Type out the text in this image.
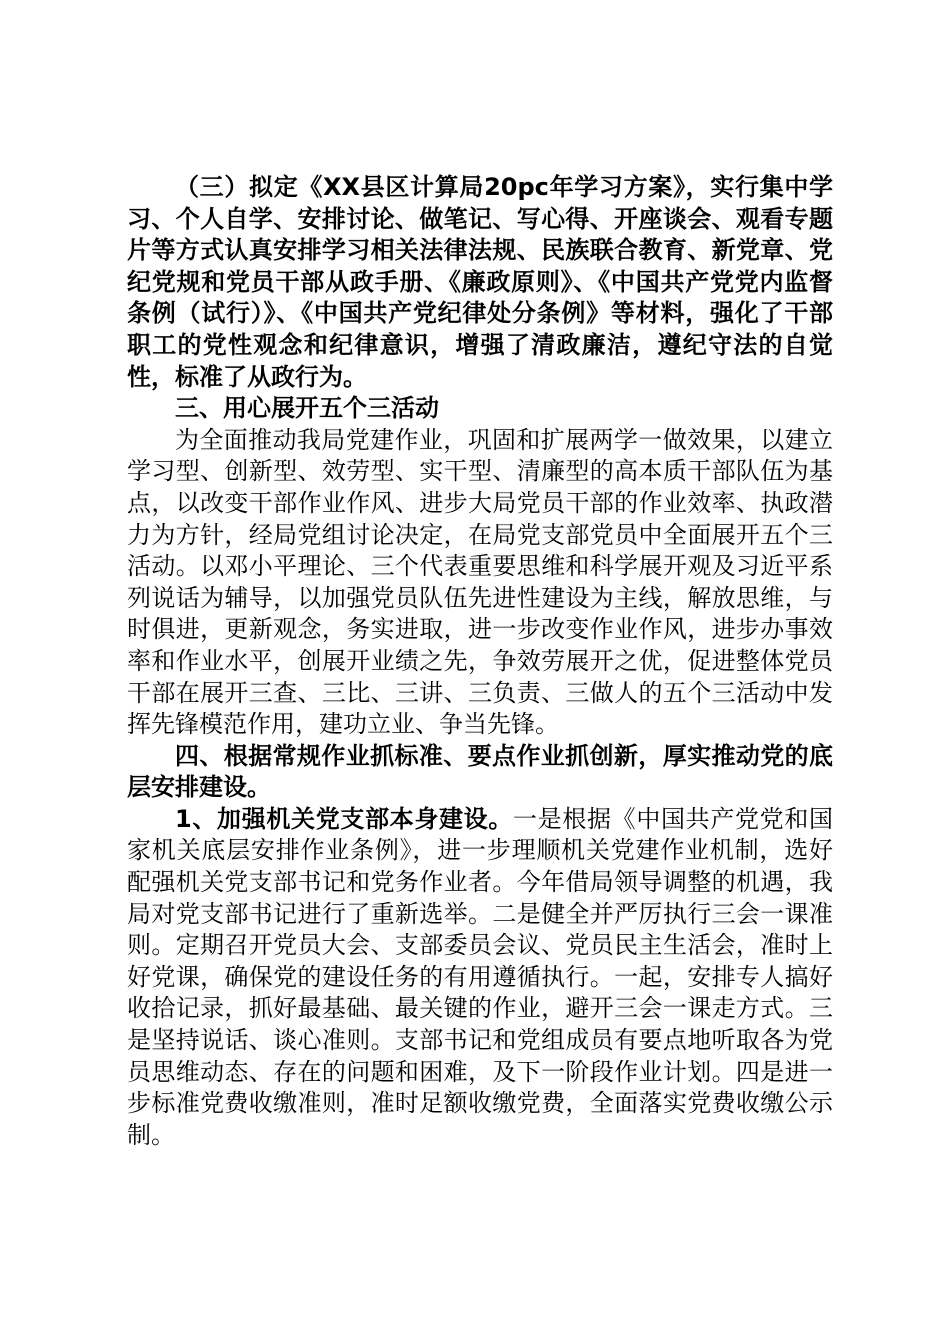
（三）拟定《XX县区计算局20pc年学习方案》，实行集中学习、个人自学、安排讨论、做笔记、写心得、开座谈会、观看专题片等方式认真安排学习相关法律法规、民族联合教育、新党章、党纪党规和党员干部从政手册、《廉政原则》、《中国共产党党内监督条例（试行）》、《中国共产党纪律处分条例》等材料，强化了干部职工的党性观念和纪律意识，增强了清政廉洁，遵纪守法的自觉性，标准了从政行为。

三、用心展开五个三活动

为全面推动我局党建作业，巩固和扩展两学一做效果，以建立学习型、创新型、效劳型、实干型、清廉型的高本质干部队伍为基点，以改变干部作业作风、进步大局党员干部的作业效率、执政潜力为方针，经局党组讨论决定，在局党支部党员中全面展开五个三活动。以邓小平理论、三个代表重要思维和科学展开观及习近平系列说话为辅导，以加强党员队伍先进性建设为主线，解放思维，与时俱进，更新观念，务实进取，进一步改变作业作风，进步办事效率和作业水平，创展开业绩之先，争效劳展开之优，促进整体党员干部在展开三查、三比、三讲、三负责、三做人的五个三活动中发挥先锋模范作用，建功立业、争当先锋。

四、根据常规作业抓标准、要点作业抓创新，厚实推动党的底层安排建设。

1、加强机关党支部本身建设。一是根据《中国共产党党和国家机关底层安排作业条例》，进一步理顺机关党建作业机制，选好配强机关党支部书记和党务作业者。今年借局领导调整的机遇，我局对党支部书记进行了重新选举。二是健全并严厉执行三会一课准则。定期召开党员大会、支部委员会议、党员民主生活会，准时上好党课，确保党的建设任务的有用遵循执行。一起，安排专人搞好收拾记录，抓好最基础、最关键的作业，避开三会一课走方式。三是坚持说话、谈心准则。支部书记和党组成员有要点地听取各为党员思维动态、存在的问题和困难，及下一阶段作业计划。四是进一步标准党费收缴准则，准时足额收缴党费，全面落实党费收缴公示制。
